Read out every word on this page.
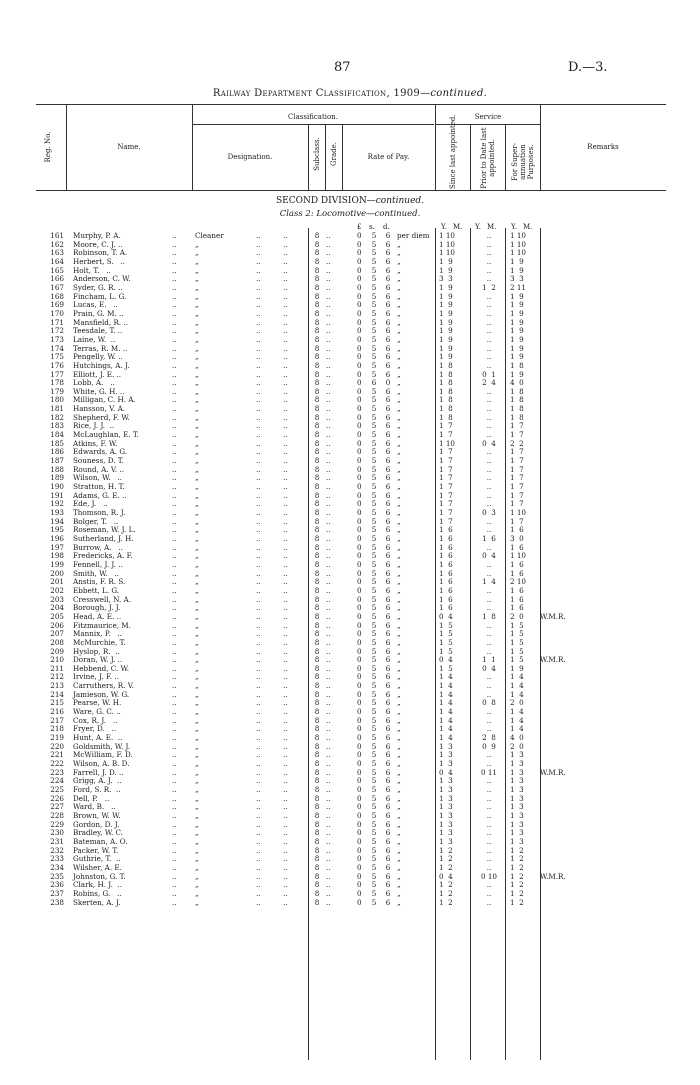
87	D.—3.
Railway Department Classification, 1909—continued.
Reg. No.	Name.
Classification.
Designation.	Subclass. Grade.	Rate of Pay.
Service
Since last appointed.	Prior to Date last appointed. For Super- annuation Purposes.	Remarks
SECOND DIVISION—continued.
Class 2: Locomotive—continued.
£ s. d.	Y. M. Y. M. Y. M.
161 Murphy, P. A.	..	Cleaner	..	..	8 ..	0	5	6 per diem 1 10	..	1 10
162 Moore, C. J. ..	..	„	..	..	8 ..	0	5	6 „	1 10	..	1 10
163 Robinson, T. A.	..	„	..	..	8 ..	0	5	6 „	1 10	..	1 10
164 Herbert, S.   ..	..	„	..	..	8 ..	0	5	6 „	1  9	..	1  9
165 Holt, T.   ..	..	„	..	..	8 ..	0	5	6 „	1  9	..	1  9
166 Anderson, C. W.	..	„	..	..	8 ..	0	5	6 „	3  3	..	3  3
167 Syder, G. R. ..	..	„	..	..	8 ..	0	5	6 „	1  9	1  2	2 11
168 Fincham, L. G.	..	„	..	..	8 ..	0	5	6 „	1  9	..	1  9
169 Lucas, E.   ..	..	„	..	..	8 ..	0	5	6 „	1  9	..	1  9
170 Prain, G. M. ..	..	„	..	..	8 ..	0	5	6 „	1  9	..	1  9
171 Mansfield, R. ..	..	„	..	..	8 ..	0	5	6 „	1  9	..	1  9
172 Teesdale, T. ..	..	„	..	..	8 ..	0	5	6 „	1  9	..	1  9
173 Laine, W.  ..	..	„	..	..	8 ..	0	5	6 „	1  9	..	1  9
174 Terras, R. M. ..	..	„	..	..	8 ..	0	5	6 „	1  9	..	1  9
175 Pengelly, W. ..	..	„	..	..	8 ..	0	5	6 „	1  9	..	1  9
176 Hutchings, A. J.	..	„	..	..	8 ..	0	5	6 „	1  8	..	1  8
177 Elliott, J. E. ..	..	„	..	..	8 ..	0	5	6 „	1  8	0  1	1  9
178 Lobb, A.   ..	..	„	..	..	8 ..	0	6	0 „	1  8	2  4	4  0
179 White, G. H. ..	..	„	..	..	8 ..	0	5	6 „	1  8	..	1  8
180 Milligan, C. H. A.	..	„	..	..	8 ..	0	5	6 „	1  8	..	1  8
181 Hansson, V. A.	..	„	..	..	8 ..	0	5	6 „	1  8	..	1  8
182 Shepherd, F. W.	..	„	..	..	8 ..	0	5	6 „	1  8	..	1  8
183 Rice, J. J.  ..	..	„	..	..	8 ..	0	5	6 „	1  7	..	1  7
184 McLaughlan, E. T.	..	„	..	..	8 ..	0	5	6 „	1  7	..	1  7
185 Atkins, F. W.	..	„	..	..	8 ..	0	5	6 „	1 10	0  4	2  2
186 Edwards, A. G.	..	„	..	..	8 ..	0	5	6 „	1  7	..	1  7
187 Souness, D. T.	..	„	..	..	8 ..	0	5	6 „	1  7	..	1  7
188 Round, A. V. ..	..	„	..	..	8 ..	0	5	6 „	1  7	..	1  7
189 Wilson, W.   ..	..	„	..	..	8 ..	0	5	6 „	1  7	..	1  7
190 Stratton, H. T.	..	„	..	..	8 ..	0	5	6 „	1  7	..	1  7
191 Adams, G. E. ..	..	„	..	..	8 ..	0	5	6 „	1  7	..	1  7
192 Ede, J.   ..	..	„	..	..	8 ..	0	5	6 „	1  7	..	1  7
193 Thomson, R. J.	..	„	..	..	8 ..	0	5	6 „	1  7	0  3	1 10
194 Bolger, T.   ..	..	„	..	..	8 ..	0	5	6 „	1  7	..	1  7
195 Roseman, W. J. L.	..	„	..	..	8 ..	0	5	6 „	1  6	..	1  6
196 Sutherland, J. H.	..	„	..	..	8 ..	0	5	6 „	1  6	1  6	3  0
197 Burrow, A.   ..	..	„	..	..	8 ..	0	5	6 „	1  6	..	1  6
198 Fredericks, A. F.	..	„	..	..	8 ..	0	5	6 „	1  6	0  4	1 10
199 Fennell, J. J. ..	..	„	..	..	8 ..	0	5	6 „	1  6	..	1  6
200 Smith, W.   ..	..	„	..	..	8 ..	0	5	6 „	1  6	..	1  6
201 Anstis, F. R. S.	..	„	..	..	8 ..	0	5	6 „	1  6	1  4	2 10
202 Ebbett, L. G.	..	„	..	..	8 ..	0	5	6 „	1  6	..	1  6
203 Cresswell, N. A.	..	„	..	..	8 ..	0	5	6 „	1  6	..	1  6
204 Borough, J. J.	..	„	..	..	8 ..	0	5	6 „	1  6	..	1  6
205 Head, A. E. ..	..	„	..	..	8 ..	0	5	6 „	0  4	1  8	2  0	W.M.R.
206 Fitzmaurice, M.	..	„	..	..	8 ..	0	5	6 „	1  5	..	1  5
207 Mannix, P.   ..	..	„	..	..	8 ..	0	5	6 „	1  5	..	1  5
208 McMurchie, T.	..	„	..	..	8 ..	0	5	6 „	1  5	..	1  5
209 Hyslop, R.  ..	..	„	..	..	8 ..	0	5	6 „	1  5	..	1  5
210 Doran, W. J. ..	..	„	..	..	8 ..	0	5	6 „	0  4	1  1	1  5	W.M.R.
211 Hebbend, C. W.	..	„	..	..	8 ..	0	5	6 „	1  5	0  4	1  9
212 Irvine, J. F. ..	..	„	..	..	8 ..	0	5	6 „	1  4	..	1  4
213 Carruthers, R. V.	..	„	..	..	8 ..	0	5	6 „	1  4	..	1  4
214 Jamieson, W. G.	..	„	..	..	8 ..	0	5	6 „	1  4	..	1  4
215 Pearse, W. H.	..	„	..	..	8 ..	0	5	6 „	1  4	0  8	2  0
216 Ware, G. C. ..	..	„	..	..	8 ..	0	5	6 „	1  4	..	1  4
217 Cox, R. J.   ..	..	„	..	..	8 ..	0	5	6 „	1  4	..	1  4
218 Fryer, D.   ..	..	„	..	..	8 ..	0	5	6 „	1  4	..	1  4
219 Hunt, A. E.  ..	..	„	..	..	8 ..	0	5	6 „	1  4	2  8	4  0
220 Goldsmith, W. J.	..	„	..	..	8 ..	0	5	6 „	1  3	0  9	2  0
221 McWilliam, F. D.	..	„	..	..	8 ..	0	5	6 „	1  3	..	1  3
222 Wilson, A. B. D.	..	„	..	..	8 ..	0	5	6 „	1  3	..	1  3
223 Farrell, J. D. ..	..	„	..	..	8 ..	0	5	6 „	0  4	0 11	1  3	W.M.R.
224 Grigg, A. J.  ..	..	„	..	..	8 ..	0	5	6 „	1  3	..	1  3
225 Ford, S. R.  ..	..	„	..	..	8 ..	0	5	6 „	1  3	..	1  3
226 Dell, P.   ..	..	„	..	..	8 ..	0	5	6 „	1  3	..	1  3
227 Ward, B.   ..	..	„	..	..	8 ..	0	5	6 „	1  3	..	1  3
228 Brown, W. W.	..	„	..	..	8 ..	0	5	6 „	1  3	..	1  3
229 Gordon, D. J.	..	„	..	..	8 ..	0	5	6 „	1  3	..	1  3
230 Bradley, W. C.	..	„	..	..	8 ..	0	5	6 „	1  3	..	1  3
231 Bateman, A. O.	..	„	..	..	8 ..	0	5	6 „	1  3	..	1  3
232 Packer, W. T.	..	„	..	..	8 ..	0	5	6 „	1  2	..	1  2
233 Guthrie, T.  ..	..	„	..	..	8 ..	0	5	6 „	1  2	..	1  2
234 Wilsher, A. E.	..	„	..	..	8 ..	0	5	6 „	1  2	..	1  2
235 Johnston, G. T.	..	„	..	..	8 ..	0	5	6 „	0  4	0 10	1  2	W.M.R.
236 Clark, H. J.  ..	..	„	..	..	8 ..	0	5	6 „	1  2	..	1  2
237 Robins, G.   ..	..	„	..	..	8 ..	0	5	6 „	1  2	..	1  2
238 Skerten, A. J.	..	„	..	..	8 ..	0	5	6 „	1  2	..	1  2
